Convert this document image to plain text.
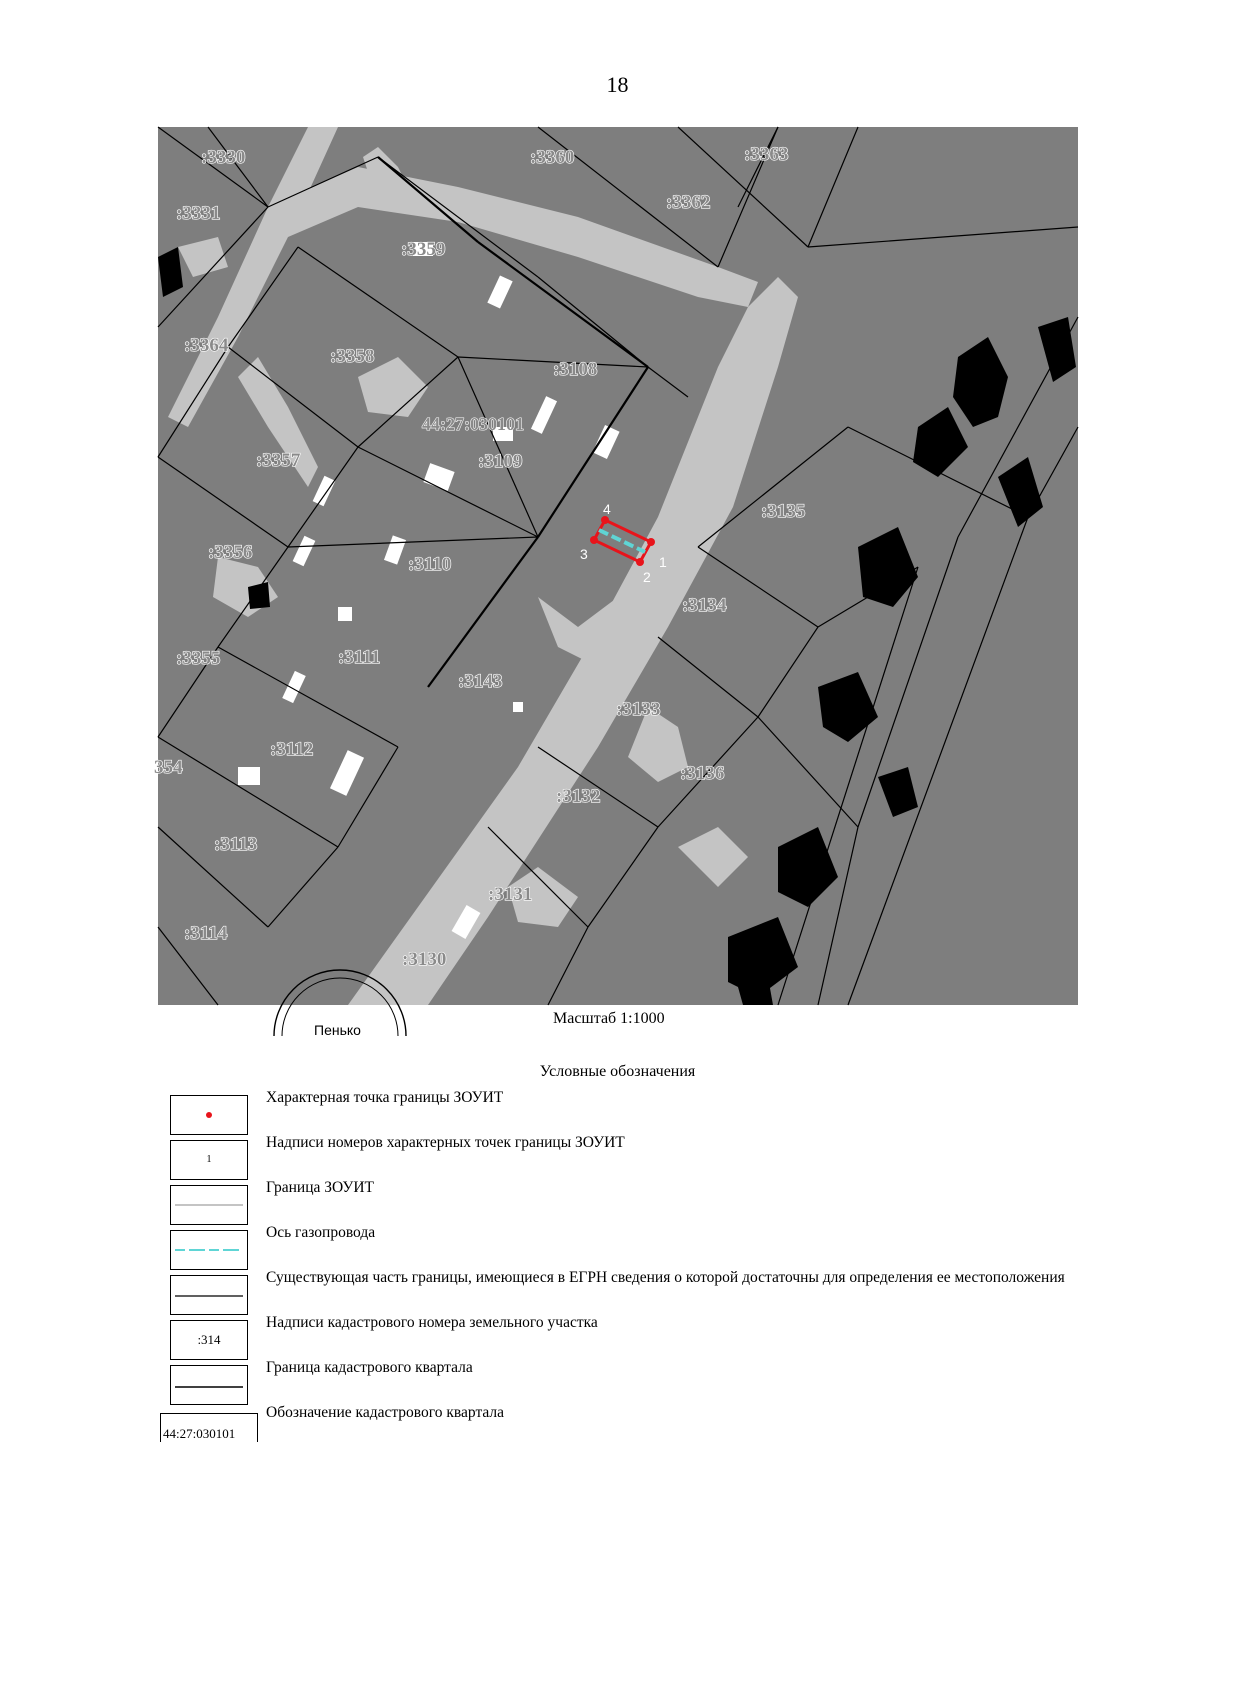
18
1
2
3
4
:3330
:3331
:3360	:3363
:3362
:3359
:3364
:3358
:3108
:3357	:3109
:3135
:3356
:3110
:3134
:3355	:3111
:3143
:3133
:3112
354	:3136
:3132
:3113
:3131
:3114
:3130
44:27:030101
Пенько
Масштаб 1:1000
Условные обозначения
Характерная точка границы ЗОУИТ
1
Надписи номеров характерных точек границы ЗОУИТ
Граница ЗОУИТ
Ось газопровода
Существующая часть границы, имеющиеся в ЕГРН сведения о которой достаточны для определения ее местоположения
:314
Надписи кадастрового номера земельного участка
Граница кадастрового квартала
44:27:030101
Обозначение кадастрового квартала
